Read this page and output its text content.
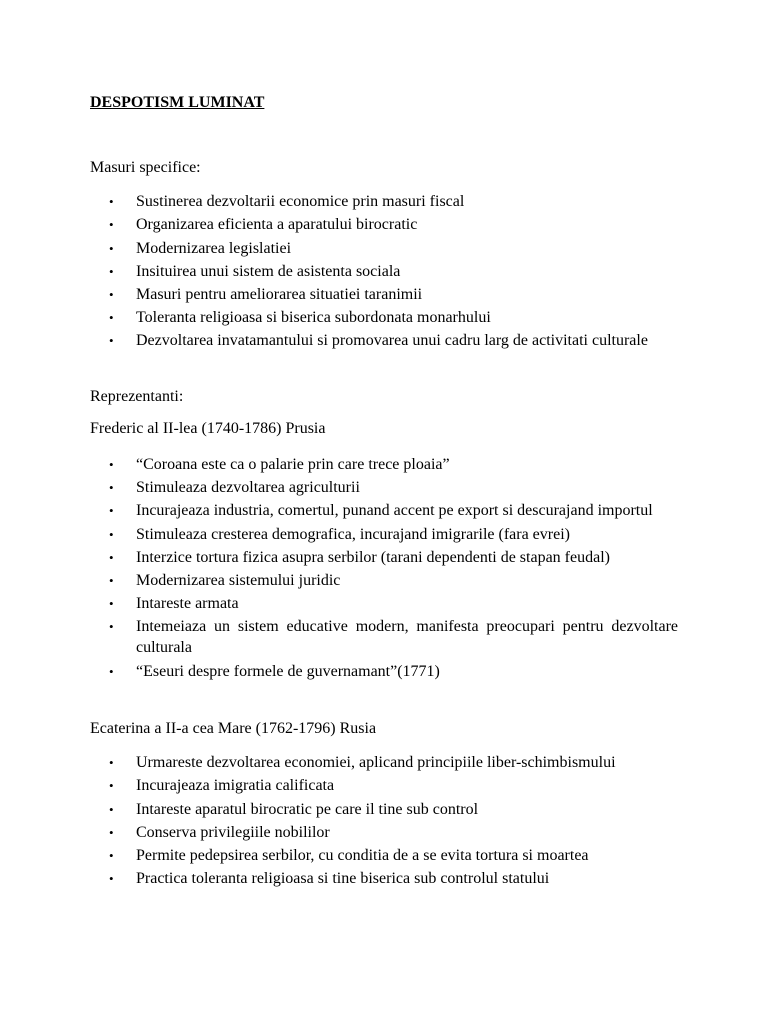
DESPOTISM LUMINAT
Masuri specifice:
• Sustinerea dezvoltarii economice prin masuri fiscal
• Organizarea eficienta a aparatului birocratic
• Modernizarea legislatiei
• Insituirea unui sistem de asistenta sociala
• Masuri pentru ameliorarea situatiei taranimii
• Toleranta religioasa si biserica subordonata monarhului
• Dezvoltarea invatamantului si promovarea unui cadru larg de activitati culturale
Reprezentanti:
Frederic al II-lea (1740-1786) Prusia
• “Coroana este ca o palarie prin care trece ploaia”
• Stimuleaza dezvoltarea agriculturii
• Incurajeaza industria, comertul, punand accent pe export si descurajand importul
• Stimuleaza cresterea demografica, incurajand imigrarile (fara evrei)
• Interzice tortura fizica asupra serbilor (tarani dependenti de stapan feudal)
• Modernizarea sistemului juridic
• Intareste armata
• Intemeiaza un sistem educative modern, manifesta preocupari pentru dezvoltare culturala
• “Eseuri despre formele de guvernamant”(1771)
Ecaterina a II-a cea Mare (1762-1796) Rusia
• Urmareste dezvoltarea economiei, aplicand principiile liber-schimbismului
• Incurajeaza imigratia calificata
• Intareste aparatul birocratic pe care il tine sub control
• Conserva privilegiile nobililor
• Permite pedepsirea serbilor, cu conditia de a se evita tortura si moartea
• Practica toleranta religioasa si tine biserica sub controlul statului
